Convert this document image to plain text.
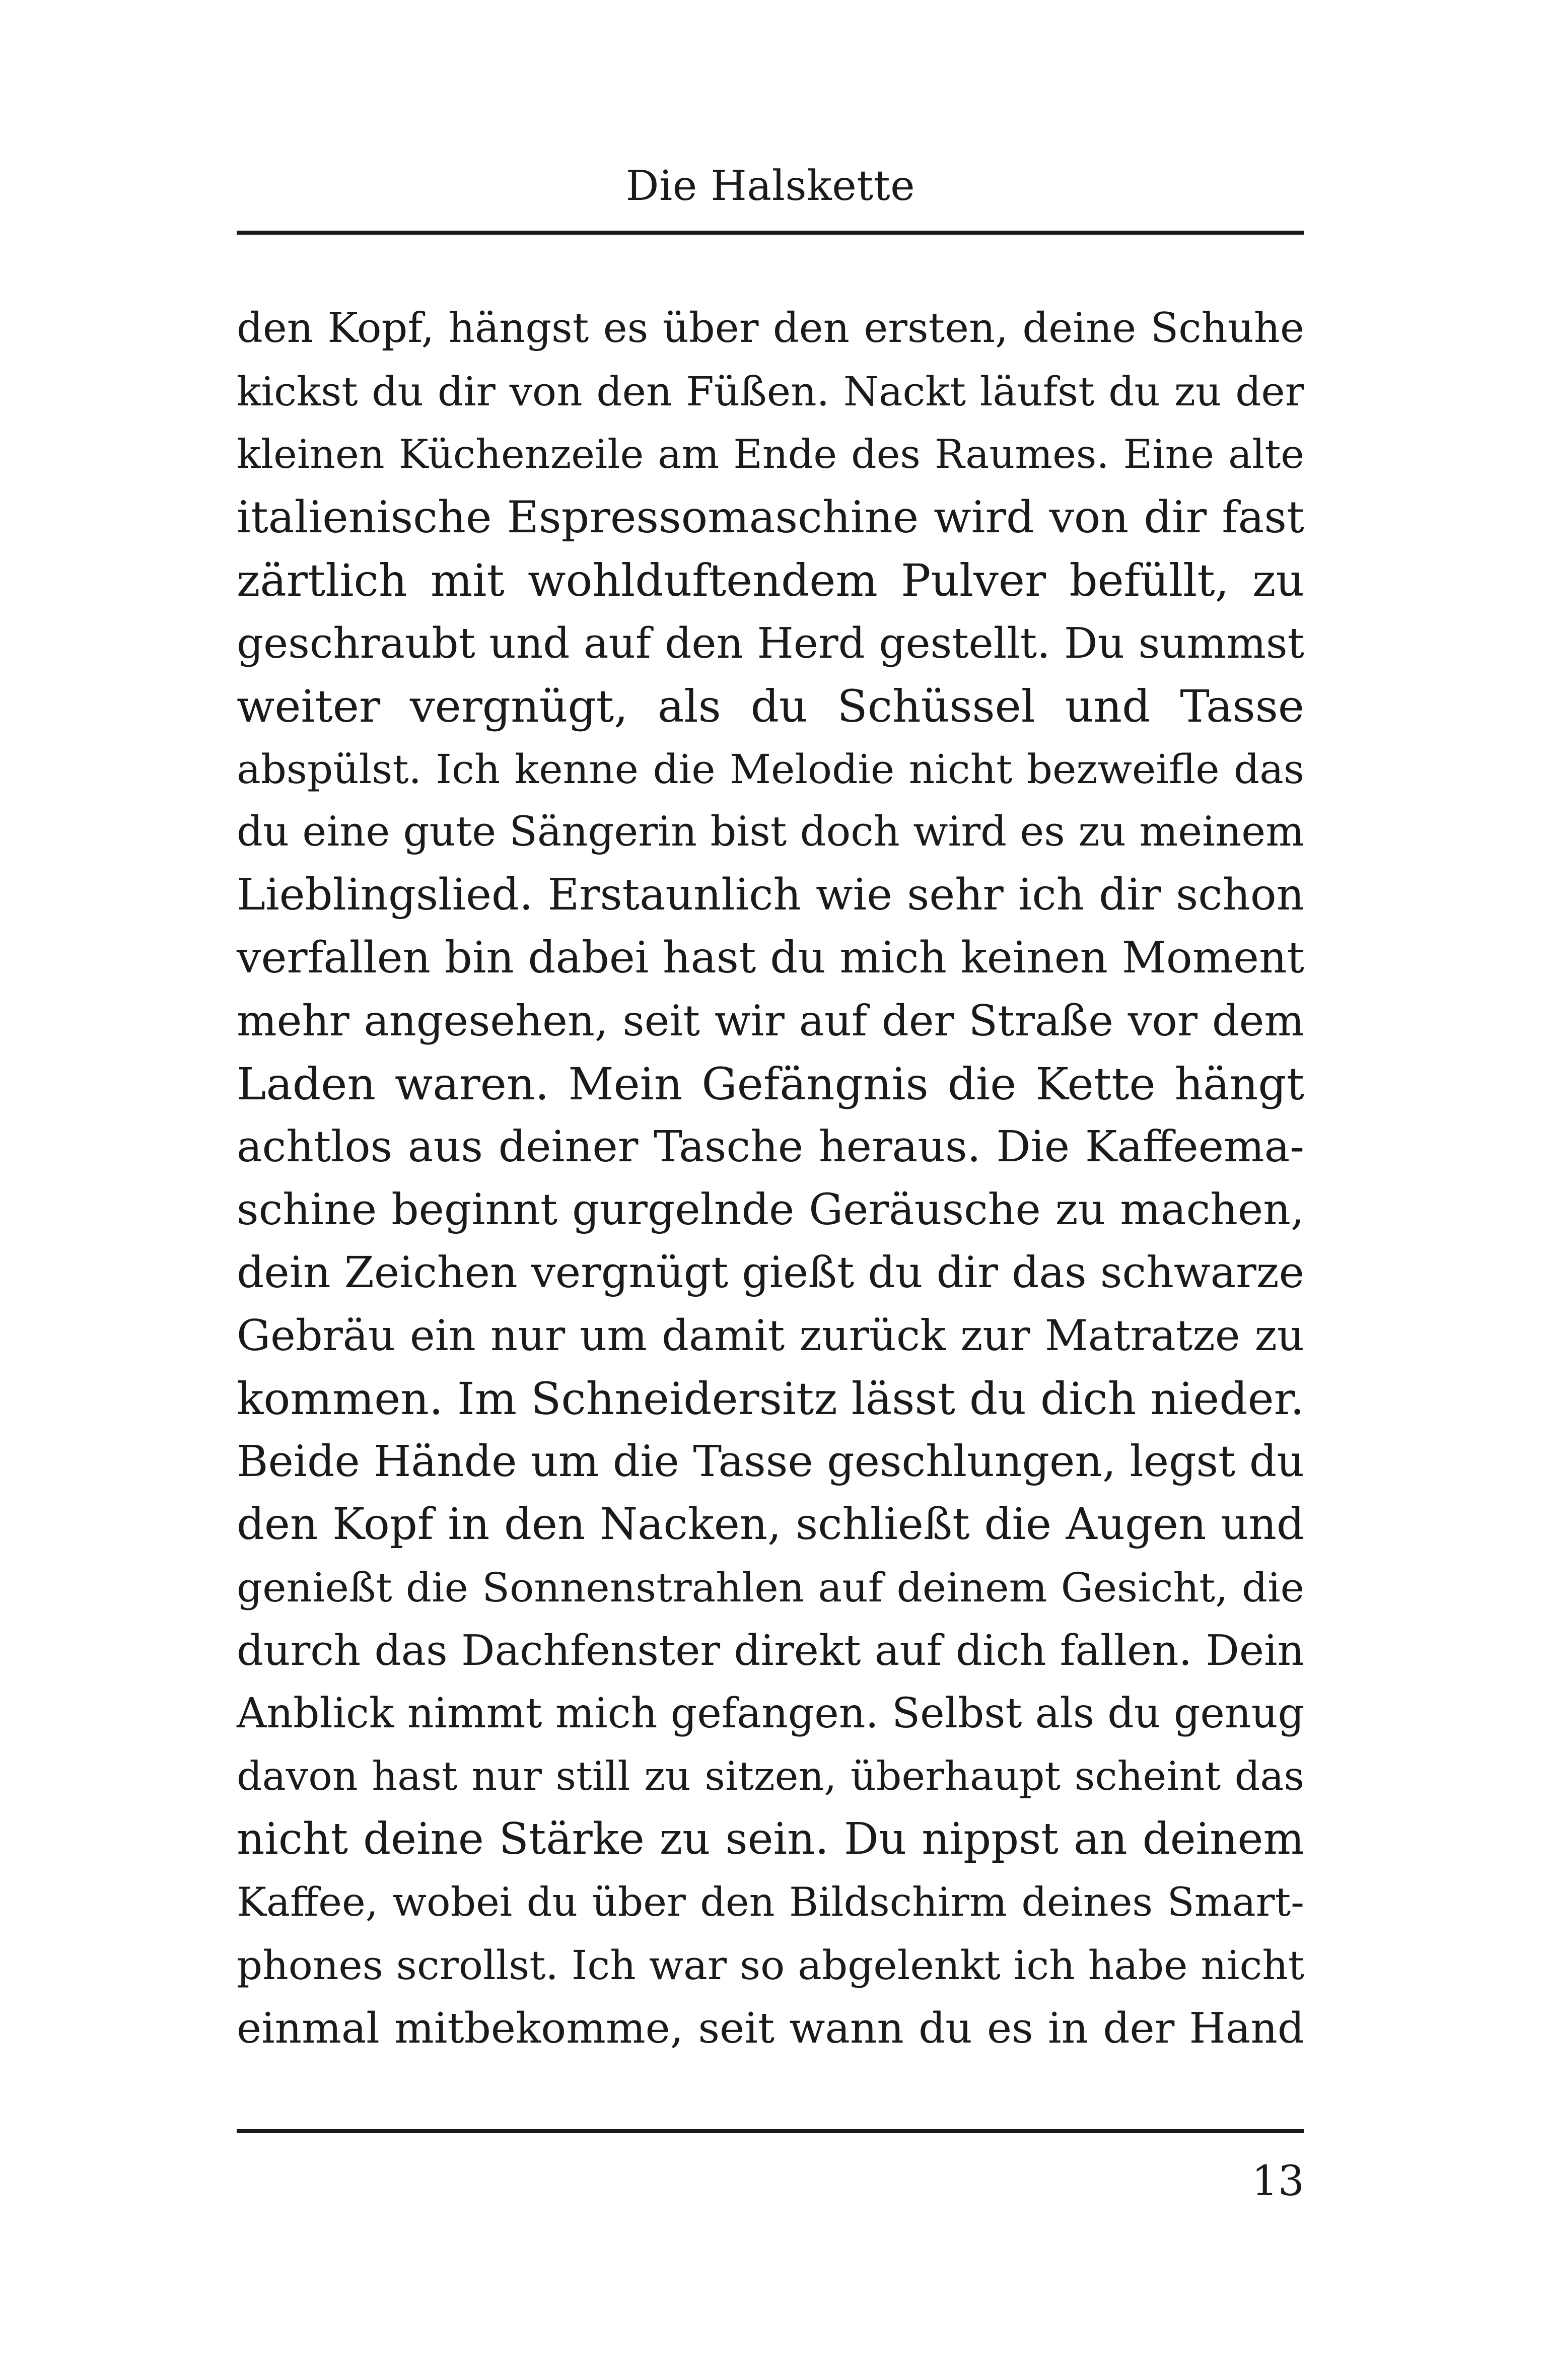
Die Halskette
den Kopf, hängst es über den ersten, deine Schuhe
kickst du dir von den Füßen. Nackt läufst du zu der
kleinen Küchenzeile am Ende des Raumes. Eine alte
italienische Espressomaschine wird von dir fast
zärtlich mit wohlduftendem Pulver befüllt, zu
geschraubt und auf den Herd gestellt. Du summst
weiter vergnügt, als du Schüssel und Tasse
abspülst. Ich kenne die Melodie nicht bezweifle das
du eine gute Sängerin bist doch wird es zu meinem
Lieblingslied. Erstaunlich wie sehr ich dir schon
verfallen bin dabei hast du mich keinen Moment
mehr angesehen, seit wir auf der Straße vor dem
Laden waren. Mein Gefängnis die Kette hängt
achtlos aus deiner Tasche heraus. Die Kaffeema-
schine beginnt gurgelnde Geräusche zu machen,
dein Zeichen vergnügt gießt du dir das schwarze
Gebräu ein nur um damit zurück zur Matratze zu
kommen. Im Schneidersitz lässt du dich nieder.
Beide Hände um die Tasse geschlungen, legst du
den Kopf in den Nacken, schließt die Augen und
genießt die Sonnenstrahlen auf deinem Gesicht, die
durch das Dachfenster direkt auf dich fallen. Dein
Anblick nimmt mich gefangen. Selbst als du genug
davon hast nur still zu sitzen, überhaupt scheint das
nicht deine Stärke zu sein. Du nippst an deinem
Kaffee, wobei du über den Bildschirm deines Smart-
phones scrollst. Ich war so abgelenkt ich habe nicht
einmal mitbekomme, seit wann du es in der Hand
13
